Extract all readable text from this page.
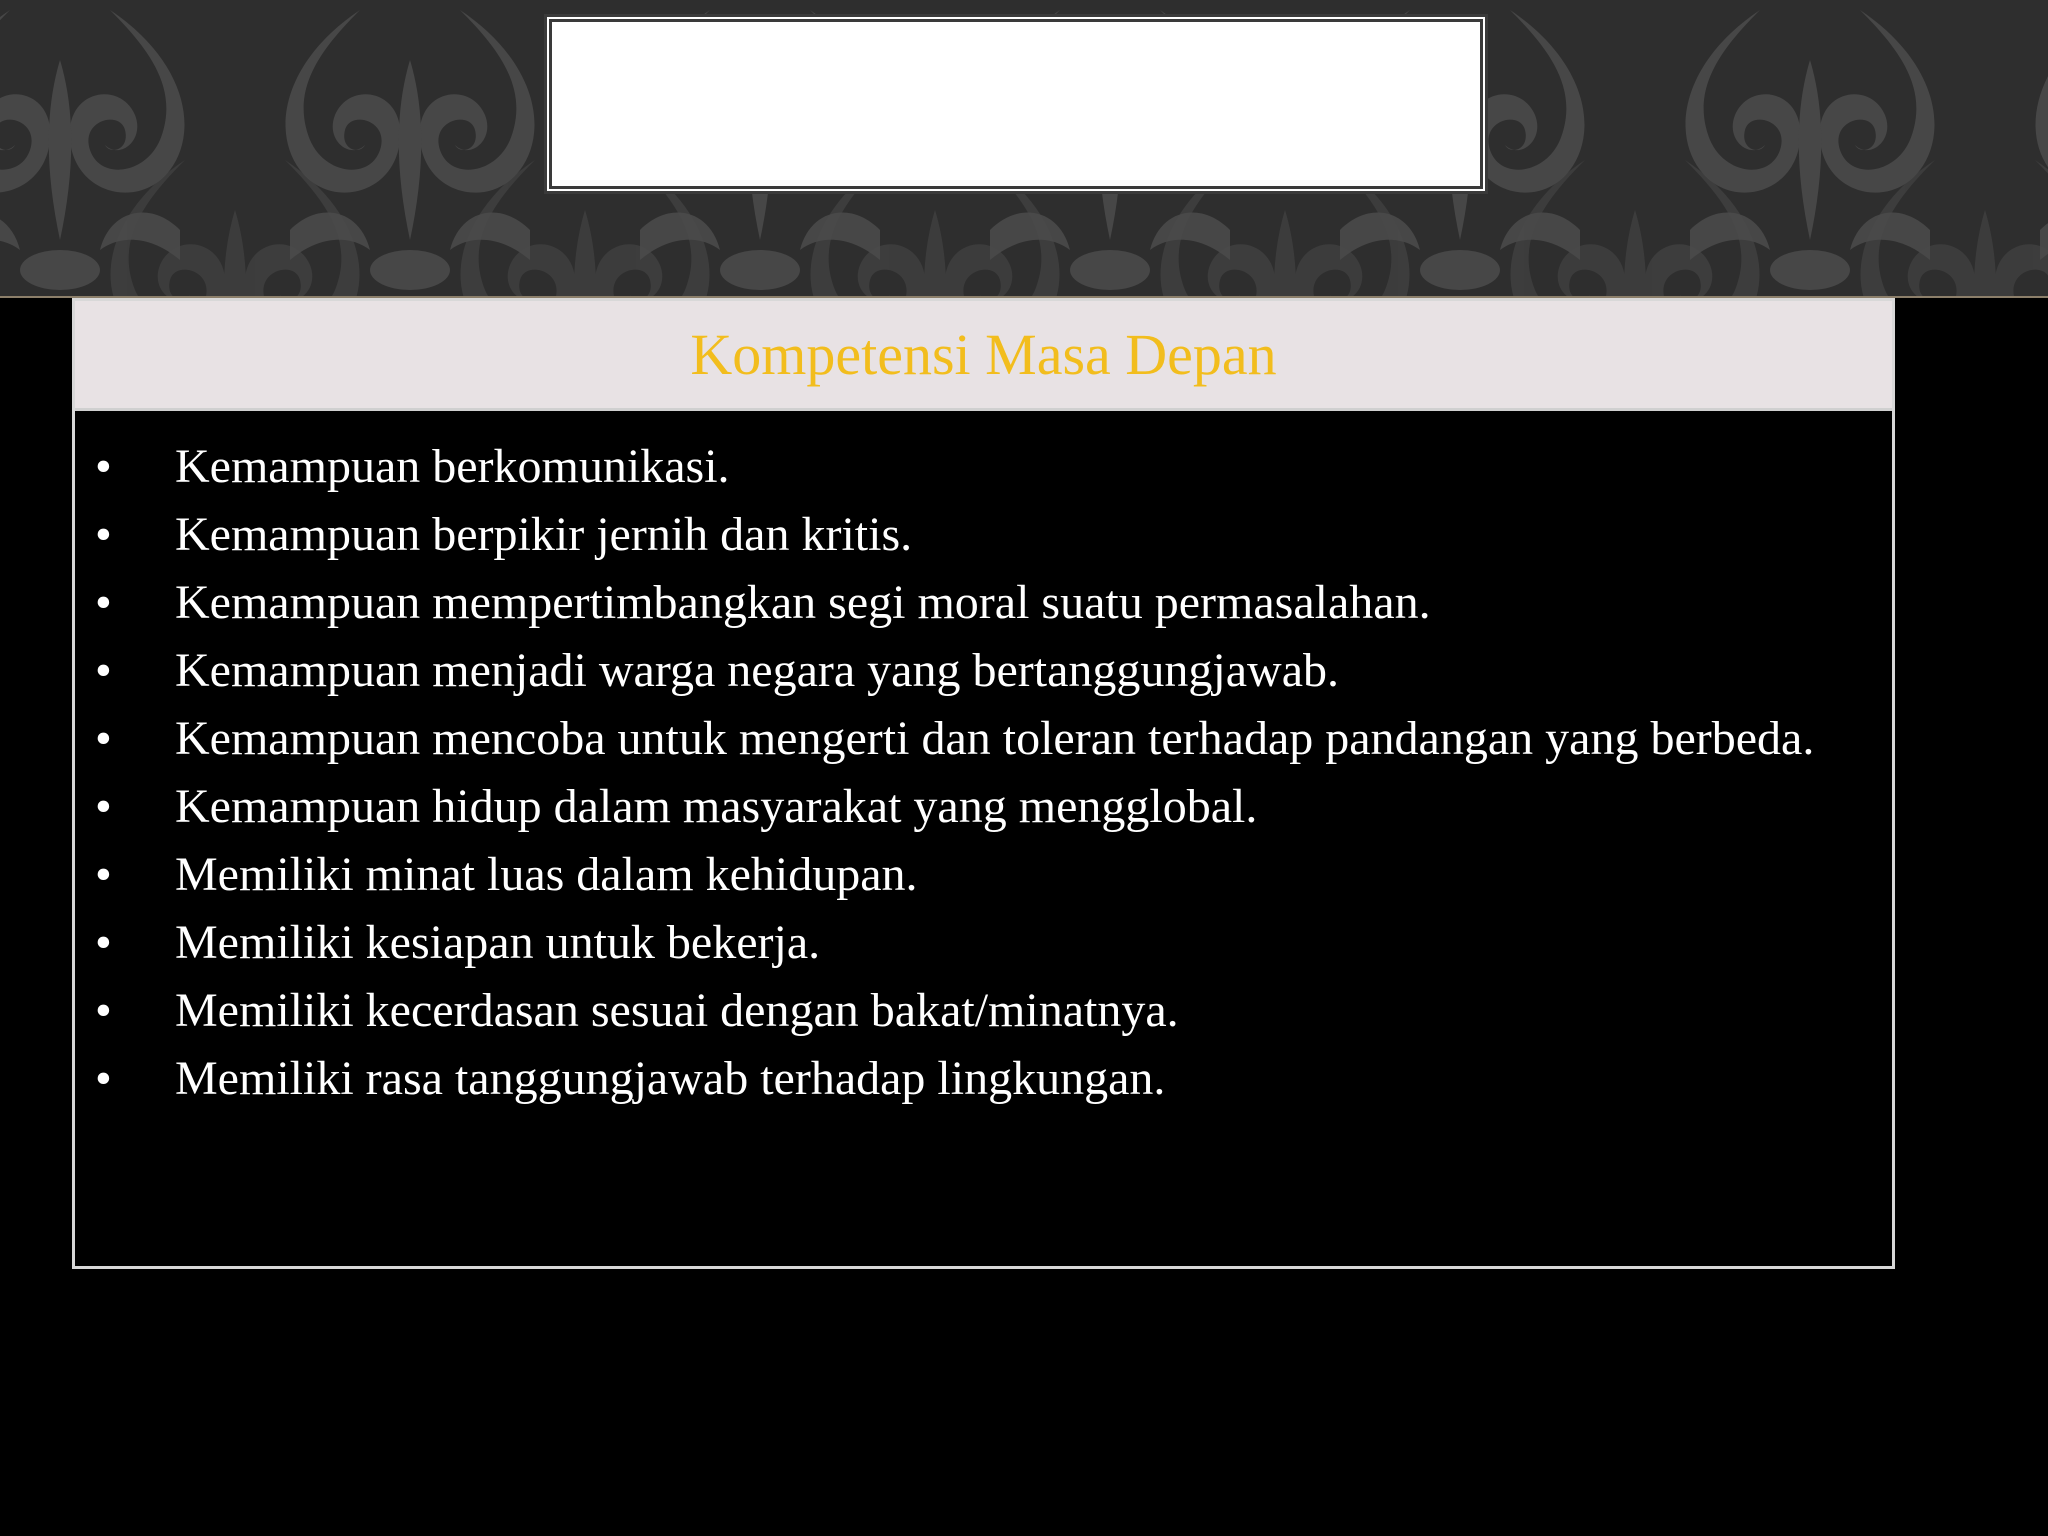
Kompetensi Masa Depan
•	Kemampuan berkomunikasi.
•	Kemampuan berpikir jernih dan kritis.
•	Kemampuan mempertimbangkan segi moral suatu permasalahan.
•	Kemampuan menjadi warga negara yang bertanggungjawab.
•	Kemampuan mencoba untuk mengerti dan toleran terhadap pandangan yang berbeda.
•	Kemampuan hidup dalam masyarakat yang mengglobal.
•	Memiliki minat luas dalam kehidupan.
•	Memiliki kesiapan untuk bekerja.
•	Memiliki kecerdasan sesuai dengan bakat/minatnya.
•	Memiliki rasa tanggungjawab terhadap lingkungan.
